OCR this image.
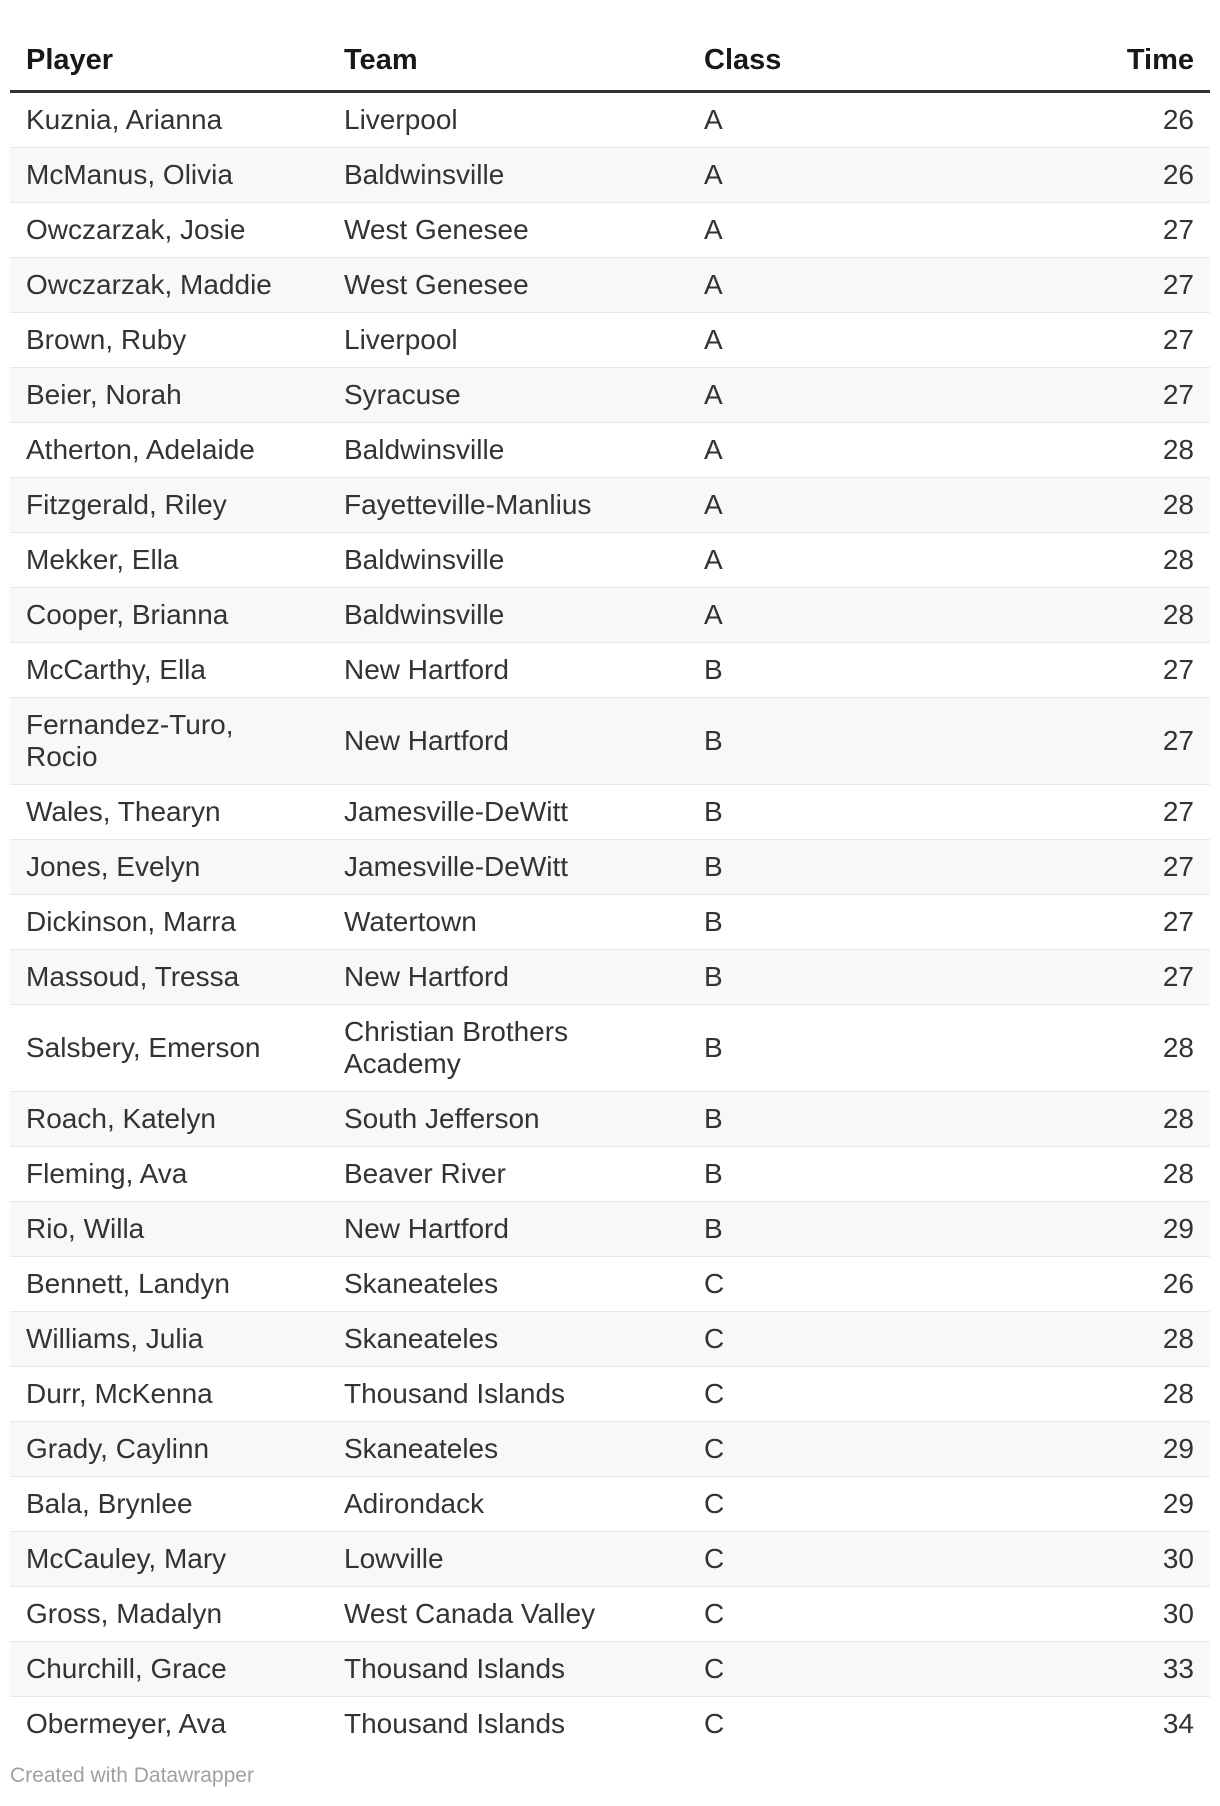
Player	Team	Class	Time
Kuznia, Arianna	Liverpool	A	26
McManus, Olivia	Baldwinsville	A	26
Owczarzak, Josie	West Genesee	A	27
Owczarzak, Maddie	West Genesee	A	27
Brown, Ruby	Liverpool	A	27
Beier, Norah	Syracuse	A	27
Atherton, Adelaide	Baldwinsville	A	28
Fitzgerald, Riley	Fayetteville-Manlius	A	28
Mekker, Ella	Baldwinsville	A	28
Cooper, Brianna	Baldwinsville	A	28
McCarthy, Ella	New Hartford	B	27
Fernandez-Turo, Rocio	New Hartford	B	27
Wales, Thearyn	Jamesville-DeWitt	B	27
Jones, Evelyn	Jamesville-DeWitt	B	27
Dickinson, Marra	Watertown	B	27
Massoud, Tressa	New Hartford	B	27
Salsbery, Emerson	Christian Brothers Academy	B	28
Roach, Katelyn	South Jefferson	B	28
Fleming, Ava	Beaver River	B	28
Rio, Willa	New Hartford	B	29
Bennett, Landyn	Skaneateles	C	26
Williams, Julia	Skaneateles	C	28
Durr, McKenna	Thousand Islands	C	28
Grady, Caylinn	Skaneateles	C	29
Bala, Brynlee	Adirondack	C	29
McCauley, Mary	Lowville	C	30
Gross, Madalyn	West Canada Valley	C	30
Churchill, Grace	Thousand Islands	C	33
Obermeyer, Ava	Thousand Islands	C	34
Created with Datawrapper
